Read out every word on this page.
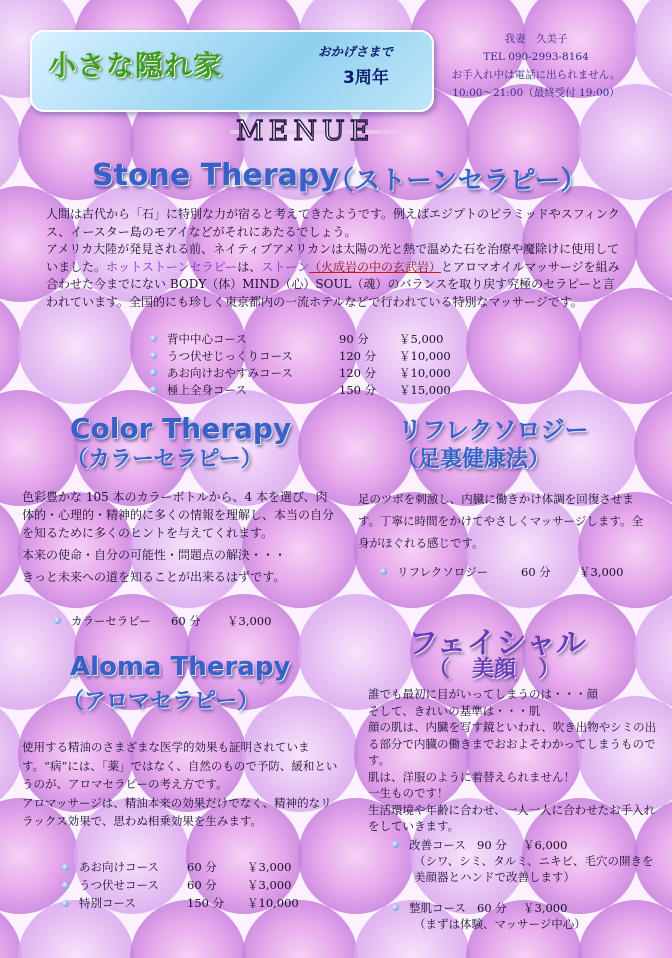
小さな隠れ家	おかげさまで
3周年
我妻　久美子
TEL 090-2993-8164
お手入れ中は電話に出られません。
10:00～21:00（最終受付 19:00）
MENUE
Stone Therapy
（ストーンセラピー）
人間は古代から「石」に特別な力が宿ると考えてきたようです。例えばエジプトのピラミッドやスフィンクス、イースター島のモアイなどがそれにあたるでしょう。
アメリカ大陸が発見される前、ネイティブアメリカンは太陽の光と熱で温めた石を治療や魔除けに使用していました。ホットストーンセラピーは、ストーン（火成岩の中の玄武岩）とアロマオイルマッサージを組み合わせた今までにない BODY（体）MIND（心）SOUL（魂）のバランスを取り戻す究極のセラピーと言われています。全国的にも珍しく東京都内の一流ホテルなどで行われている特別なマッサージです。
背中中心コース	90 分	￥5,000
うつ伏せじっくりコース	120 分	￥10,000
あお向けおやすみコース	120 分	￥10,000
極上全身コース	150 分	￥15,000
Color Therapy
（カラーセラピー）
色彩豊かな 105 本のカラーボトルから、4 本を選び、肉体的・心理的・精神的に多くの情報を理解し、本当の自分を知るために多くのヒントを与えてくれます。
本来の使命・自分の可能性・問題点の解決・・・
きっと未来への道を知ることが出来るはずです。
カラーセラピー	60 分	￥3,000
リフレクソロジー
（足裏健康法）
足のツボを刺激し、内臓に働きかけ体調を回復させます。丁寧に時間をかけてやさしくマッサージします。全身がほぐれる感じです。
リフレクソロジー	60 分	￥3,000
Aloma Therapy
（アロマセラピー）
使用する精油のさまざまな医学的効果も証明されています。“病”には、「薬」ではなく、自然のもので予防、緩和というのが、アロマセラピーの考え方です。
アロマッサージは、精油本来の効果だけでなく、精神的なリラックス効果で、思わぬ相乗効果を生みます。
あお向けコース	60 分	￥3,000
うつ伏せコース	60 分	￥3,000
特別コース	150 分	￥10,000
フェイシャル
（　美顔　）
誰でも最初に目がいってしまうのは・・・顔
そして、きれいの基準は・・・肌
顔の肌は、内臓を写す鏡といわれ、吹き出物やシミの出る部分で内臓の働きまでおおよそわかってしまうものです。
肌は、洋服のように着替えられません！
一生ものです！
生活環境や年齢に合わせ、一人一人に合わせたお手入れをしていきます。
改善コース 90 分	￥6,000
（シワ、シミ、タルミ、ニキビ、毛穴の開きを美顔器とハンドで改善します）
整肌コース 60 分	￥3,000
（まずは体験、マッサージ中心）
